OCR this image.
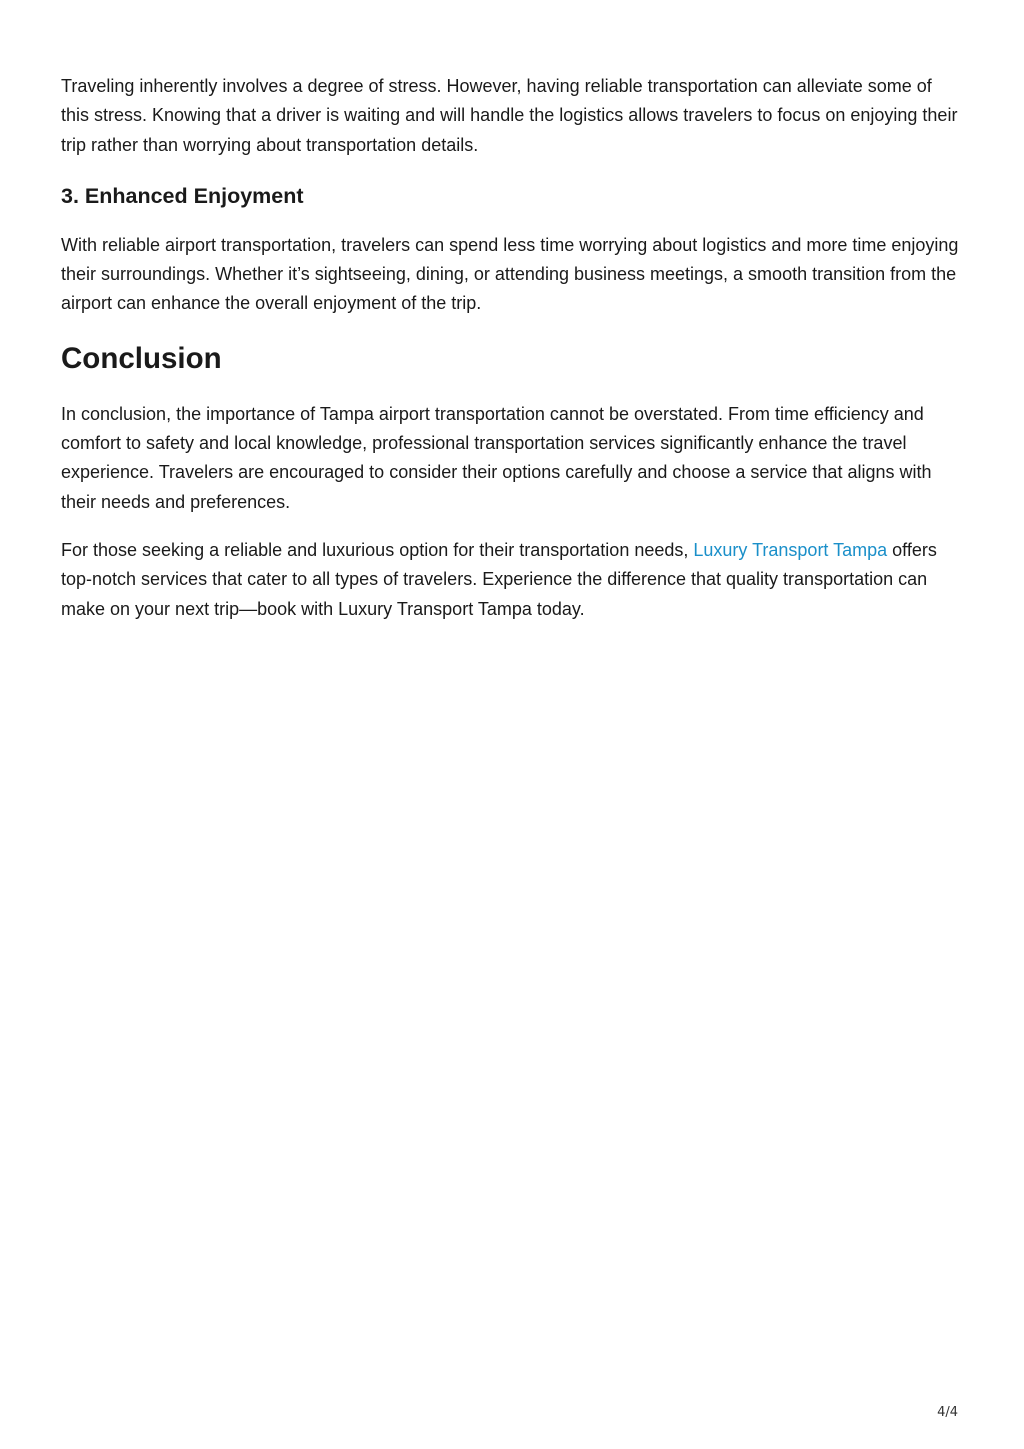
Traveling inherently involves a degree of stress. However, having reliable transportation can alleviate some of this stress. Knowing that a driver is waiting and will handle the logistics allows travelers to focus on enjoying their trip rather than worrying about transportation details.

3. Enhanced Enjoyment

With reliable airport transportation, travelers can spend less time worrying about logistics and more time enjoying their surroundings. Whether it’s sightseeing, dining, or attending business meetings, a smooth transition from the airport can enhance the overall enjoyment of the trip.

Conclusion

In conclusion, the importance of Tampa airport transportation cannot be overstated. From time efficiency and comfort to safety and local knowledge, professional transportation services significantly enhance the travel experience. Travelers are encouraged to consider their options carefully and choose a service that aligns with their needs and preferences.

For those seeking a reliable and luxurious option for their transportation needs, Luxury Transport Tampa offers top-notch services that cater to all types of travelers. Experience the difference that quality transportation can make on your next trip—book with Luxury Transport Tampa today.

4/4
